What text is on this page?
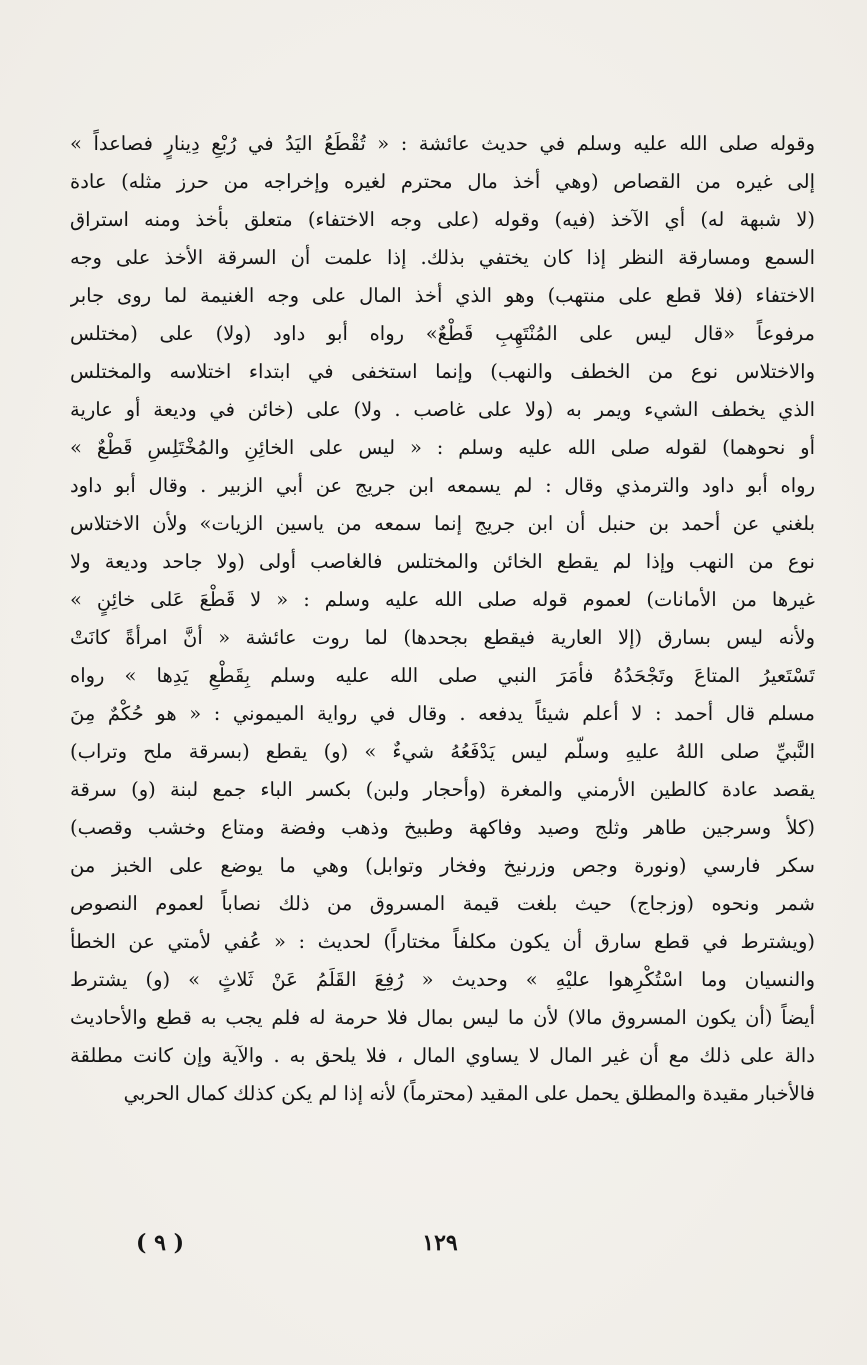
وقوله صلى الله عليه وسلم في حديث عائشة : « تُقْطَعُ اليَدُ في رُبْعِ دِينارٍ فصاعداً »
إلى غيره من القصاص (وهي أخذ مال محترم لغيره وإخراجه من حرز مثله) عادة
(لا شبهة له) أي الآخذ (فيه) وقوله (على وجه الاختفاء) متعلق بأخذ ومنه استراق
السمع ومسارقة النظر إذا كان يختفي بذلك. إذا علمت أن السرقة الأخذ على وجه
الاختفاء (فلا قطع على منتهب) وهو الذي أخذ المال على وجه الغنيمة لما روى جابر
مرفوعاً «قال ليس على المُنْتَهِبِ قَطْعٌ» رواه أبو داود (ولا) على (مختلس
والاختلاس نوع من الخطف والنهب) وإنما استخفى في ابتداء اختلاسه والمختلس
الذي يخطف الشيء ويمر به (ولا على غاصب . ولا) على (خائن في وديعة أو عارية
أو نحوهما) لقوله صلى الله عليه وسلم : « ليس على الخائِنِ والمُخْتَلِسِ قَطْعٌ »
رواه أبو داود والترمذي وقال : لم يسمعه ابن جريج عن أبي الزبير . وقال أبو داود
بلغني عن أحمد بن حنبل أن ابن جريج إنما سمعه من ياسين الزيات» ولأن الاختلاس
نوع من النهب وإذا لم يقطع الخائن والمختلس فالغاصب أولى (ولا جاحد وديعة ولا
غيرها من الأمانات) لعموم قوله صلى الله عليه وسلم : « لا قَطْعَ عَلى خائِنٍ »
ولأنه ليس بسارق (إلا العارية فيقطع بجحدها) لما روت عائشة « أنَّ امرأةً كانَتْ
تَسْتَعيرُ المتاعَ وتَجْحَدُهُ فأمَرَ النبي صلى الله عليه وسلم بِقَطْعِ يَدِها » رواه
مسلم قال أحمد : لا أعلم شيئاً يدفعه . وقال في رواية الميموني : « هو حُكْمٌ مِنَ
النَّبيِّ صلى اللهُ عليهِ وسلّم ليس يَدْفَعُهُ شيءٌ » (و) يقطع (بسرقة ملح وتراب)
يقصد عادة كالطين الأرمني والمغرة (وأحجار ولبن) بكسر الباء جمع لبنة (و) سرقة
(كلأ وسرجين طاهر وثلج وصيد وفاكهة وطبيخ وذهب وفضة ومتاع وخشب وقصب)
سكر فارسي (ونورة وجص وزرنيخ وفخار وتوابل) وهي ما يوضع على الخبز من
شمر ونحوه (وزجاج) حيث بلغت قيمة المسروق من ذلك نصاباً لعموم النصوص
(ويشترط في قطع سارق أن يكون مكلفاً مختاراً) لحديث : « عُفي لأمتي عن الخطأ
والنسيان وما اسْتُكْرِهوا عليْهِ » وحديث « رُفِعَ القَلَمُ عَنْ ثَلاثٍ » (و) يشترط
أيضاً (أن يكون المسروق مالا) لأن ما ليس بمال فلا حرمة له فلم يجب به قطع والأحاديث
دالة على ذلك مع أن غير المال لا يساوي المال ، فلا يلحق به . والآية وإن كانت مطلقة
فالأخبار مقيدة والمطلق يحمل على المقيد (محترماً) لأنه إذا لم يكن كذلك كمال الحربي
( ٩ )	١٢٩
